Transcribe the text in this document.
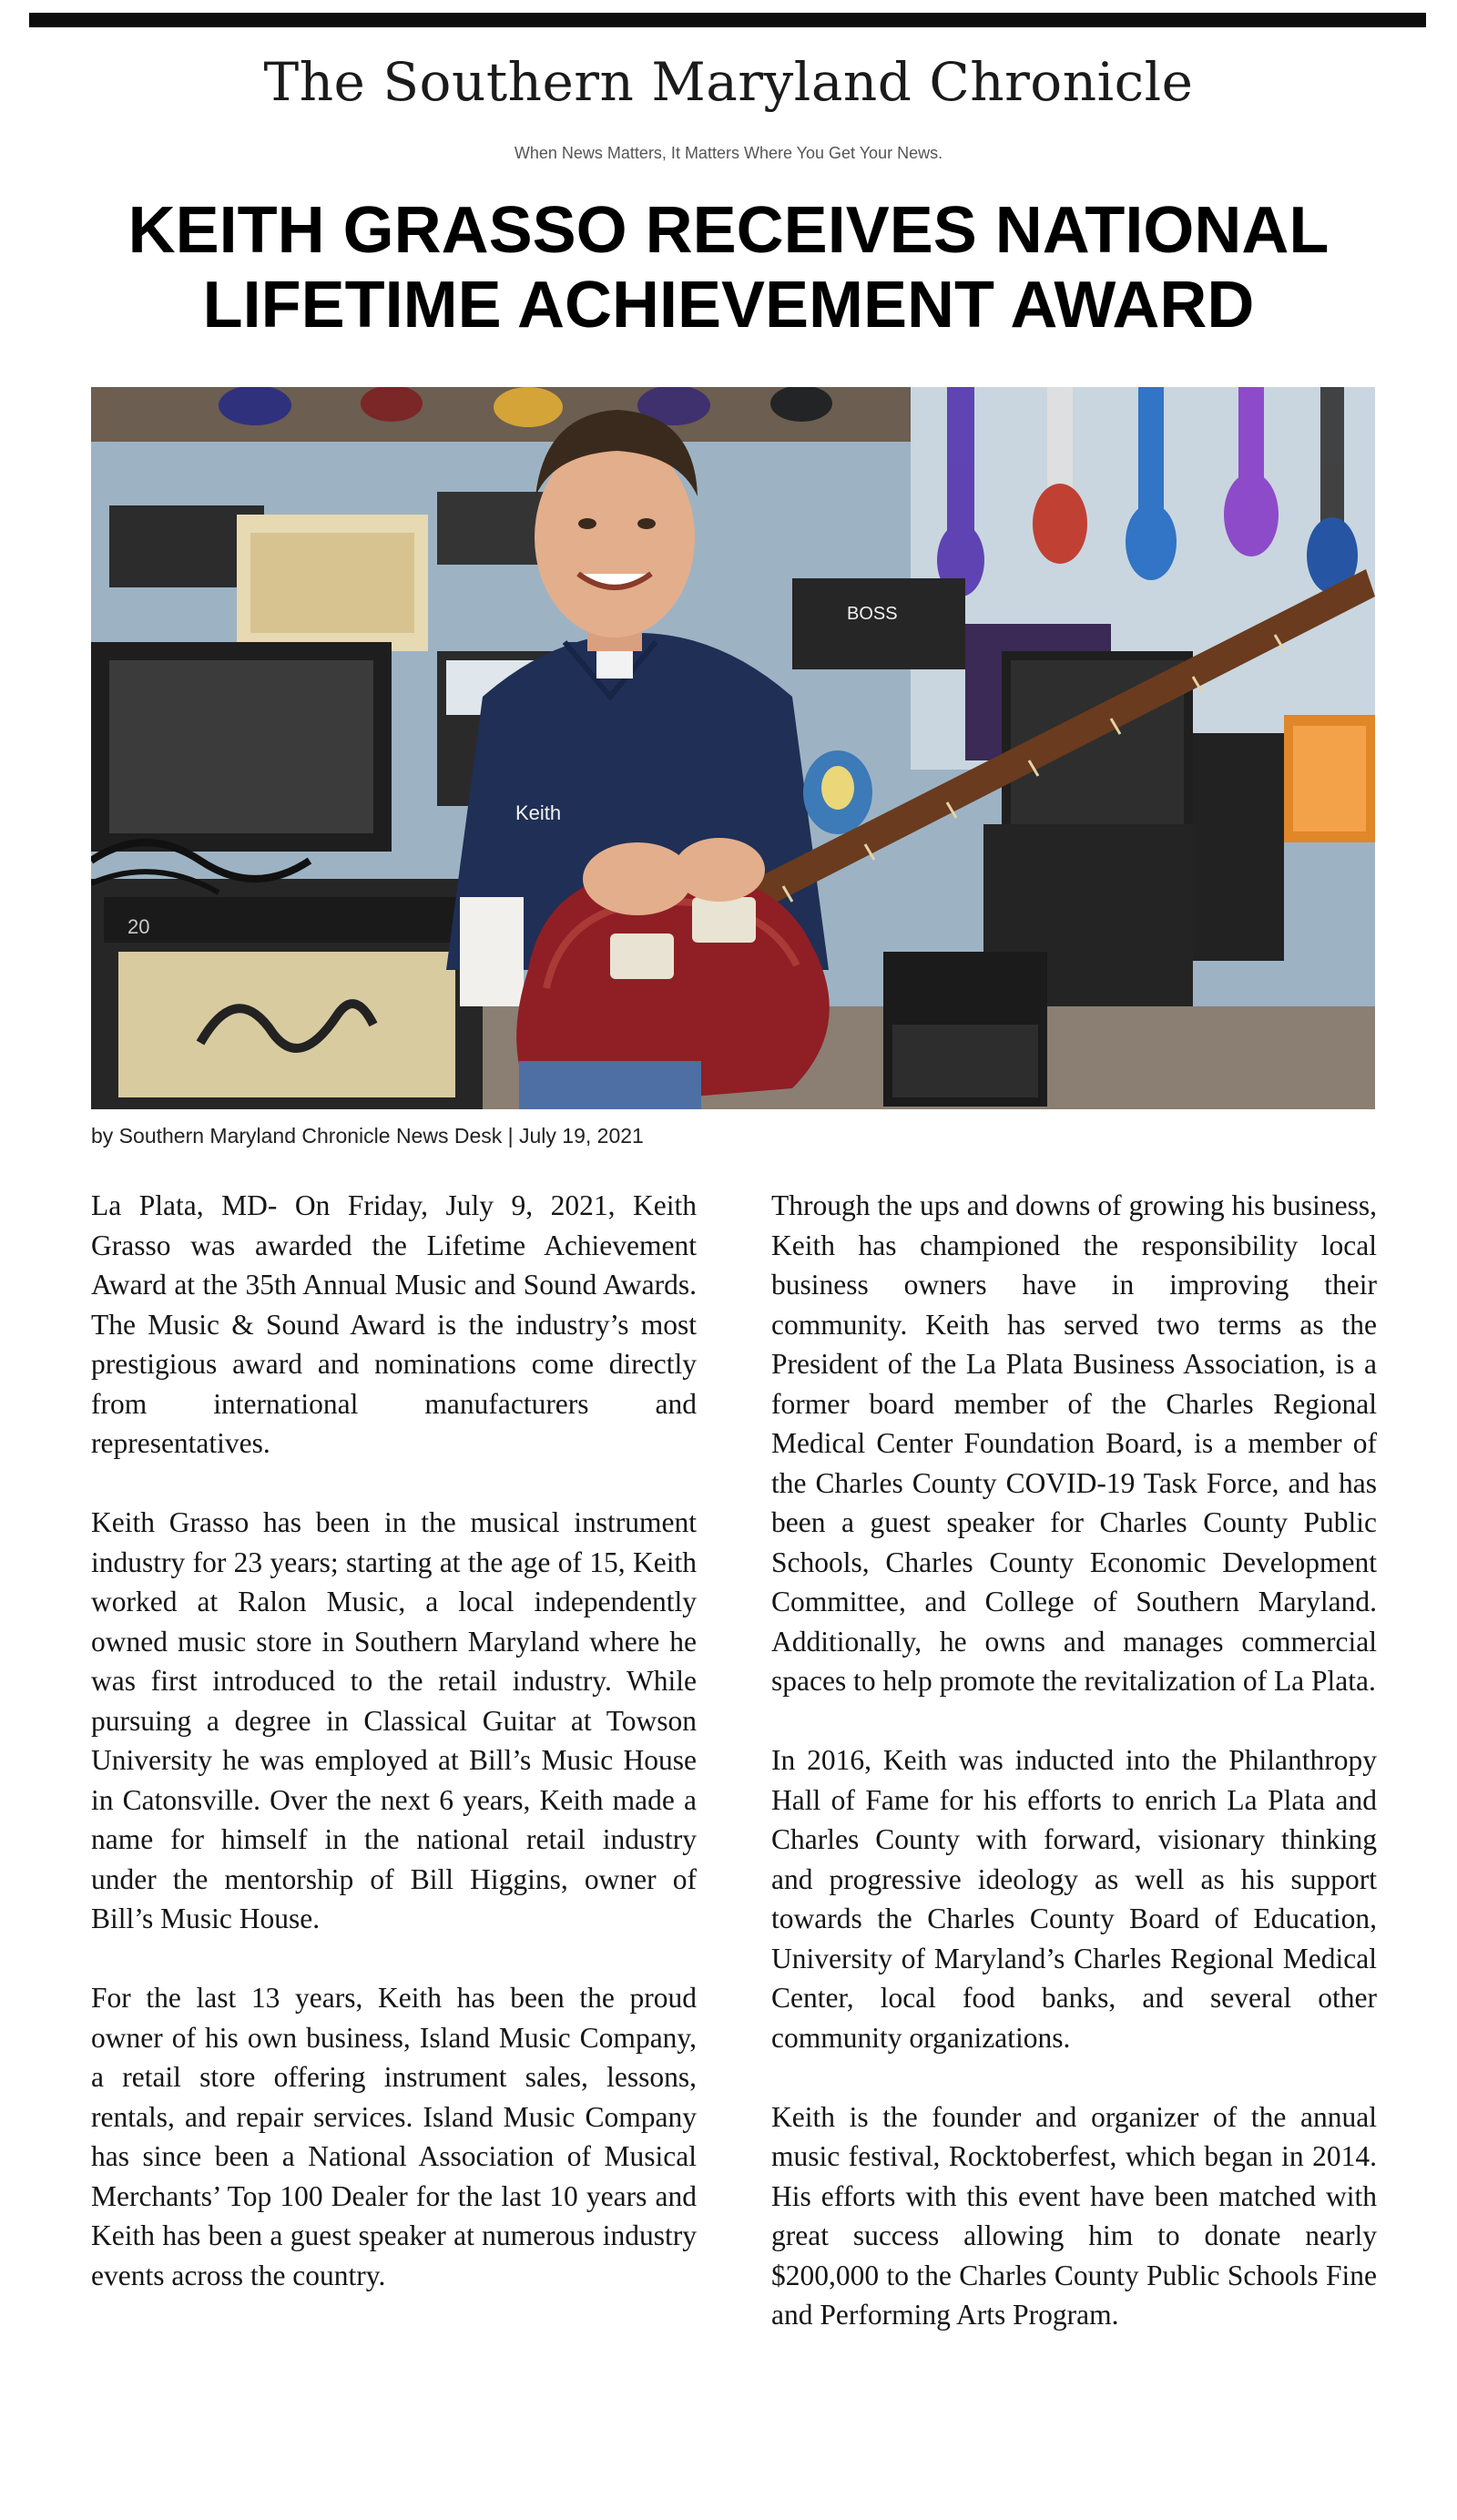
The Southern Maryland Chronicle
When News Matters, It Matters Where You Get Your News.
KEITH GRASSO RECEIVES NATIONAL LIFETIME ACHIEVEMENT AWARD
20
BOSS
Keith
by Southern Maryland Chronicle News Desk | July 19, 2021

La Plata, MD- On Friday, July 9, 2021, Keith Grasso was awarded the Lifetime Achievement Award at the 35th Annual Music and Sound Awards. The Music & Sound Award is the industry’s most prestigious award and nominations come directly from international manufacturers and representatives.

Keith Grasso has been in the musical instrument industry for 23 years; starting at the age of 15, Keith worked at Ralon Music, a local independently owned music store in Southern Maryland where he was first introduced to the retail industry. While pursuing a degree in Classical Guitar at Towson University he was employed at Bill’s Music House in Catonsville. Over the next 6 years, Keith made a name for himself in the national retail industry under the mentorship of Bill Higgins, owner of Bill’s Music House.

For the last 13 years, Keith has been the proud owner of his own business, Island Music Company, a retail store offering instrument sales, lessons, rentals, and repair services. Island Music Company has since been a National Association of Musical Merchants’ Top 100 Dealer for the last 10 years and Keith has been a guest speaker at numerous industry events across the country.

Through the ups and downs of growing his business, Keith has championed the responsibility local business owners have in improving their community. Keith has served two terms as the President of the La Plata Business Association, is a former board member of the Charles Regional Medical Center Foundation Board, is a member of the Charles County COVID-19 Task Force, and has been a guest speaker for Charles County Public Schools, Charles County Economic Development Committee, and College of Southern Maryland. Additionally, he owns and manages commercial spaces to help promote the revitalization of La Plata.

In 2016, Keith was inducted into the Philanthropy Hall of Fame for his efforts to enrich La Plata and Charles County with forward, visionary thinking and progressive ideology as well as his support towards the Charles County Board of Education, University of Maryland’s Charles Regional Medical Center, local food banks, and several other community organizations.

Keith is the founder and organizer of the annual music festival, Rocktoberfest, which began in 2014. His efforts with this event have been matched with great success allowing him to donate nearly $200,000 to the Charles County Public Schools Fine and Performing Arts Program.
